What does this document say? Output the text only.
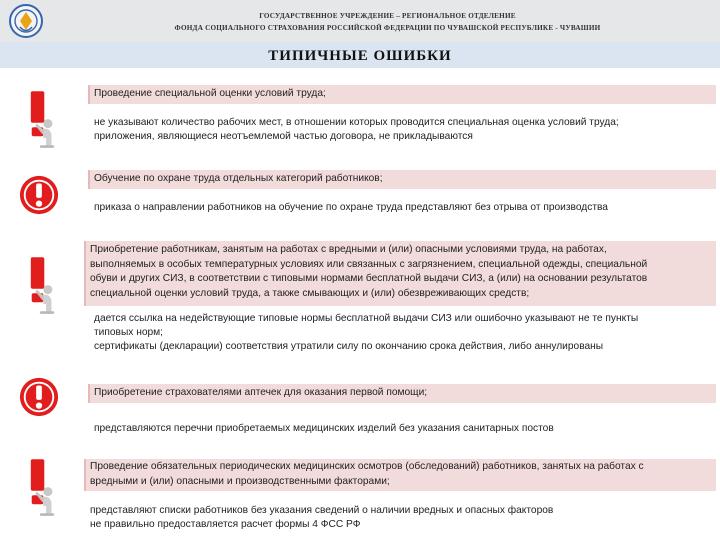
ГОСУДАРСТВЕННОЕ УЧРЕЖДЕНИЕ – РЕГИОНАЛЬНОЕ ОТДЕЛЕНИЕ
ФОНДА СОЦИАЛЬНОГО СТРАХОВАНИЯ РОССИЙСКОЙ ФЕДЕРАЦИИ ПО ЧУВАШСКОЙ РЕСПУБЛИКЕ - ЧУВАШИИ
ТИПИЧНЫЕ ОШИБКИ
Проведение специальной оценки условий труда;
не указывают количество рабочих мест, в отношении которых проводится специальная оценка условий труда;
приложения, являющиеся неотъемлемой частью договора, не прикладываются
Обучение по охране труда отдельных категорий работников;
приказа о направлении работников на обучение по охране труда представляют без отрыва от производства
Приобретение работникам, занятым на работах с вредными и (или) опасными условиями труда, на работах,
выполняемых в особых температурных условиях или связанных с загрязнением, специальной одежды, специальной
обуви и других СИЗ, в соответствии с типовыми нормами бесплатной выдачи СИЗ, а (или) на основании результатов
специальной оценки условий труда, а также смывающих и (или) обезвреживающих средств;
дается ссылка на недействующие типовые нормы бесплатной выдачи СИЗ или ошибочно указывают не те пункты
типовых норм;
сертификаты (декларации) соответствия утратили силу по окончанию срока действия, либо аннулированы
Приобретение страхователями аптечек для оказания первой помощи;
представляются перечни приобретаемых медицинских изделий без указания санитарных постов
Проведение обязательных периодических медицинских осмотров (обследований) работников, занятых на работах с
вредными и (или) опасными и производственными факторами;
представляют списки работников без указания сведений о наличии вредных и опасных факторов
не правильно предоставляется расчет формы 4 ФСС РФ
